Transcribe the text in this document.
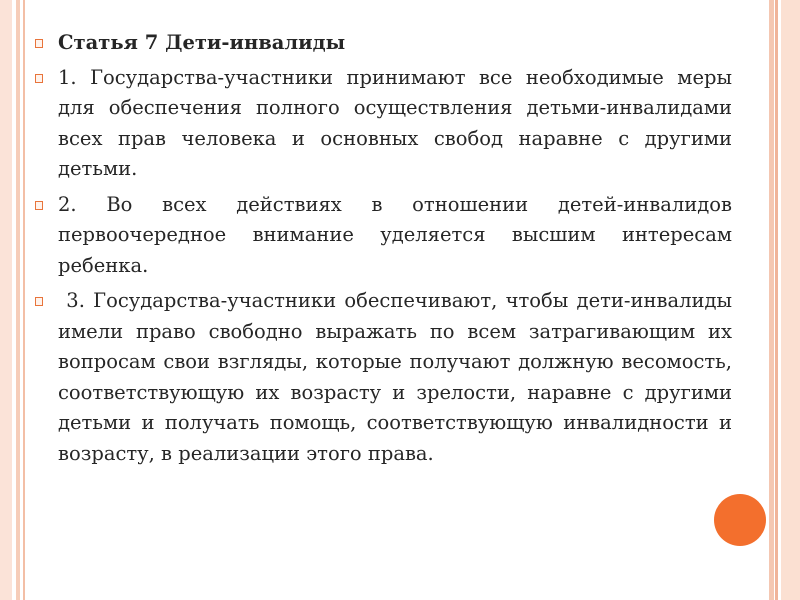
Статья 7 Дети-инвалиды
1. Государства-участники принимают все необходимые меры для обеспечения полного осуществления детьми-инвалидами всех прав человека и основных свобод наравне с другими детьми.
2. Во всех действиях в отношении детей-инвалидов первоочередное внимание уделяется высшим интересам ребенка.
3. Государства-участники обеспечивают, чтобы дети-инвалиды имели право свободно выражать по всем затрагивающим их вопросам свои взгляды, которые получают должную весомость, соответствующую их возрасту и зрелости, наравне с другими детьми и получать помощь, соответствующую инвалидности и возрасту, в реализации этого права.
